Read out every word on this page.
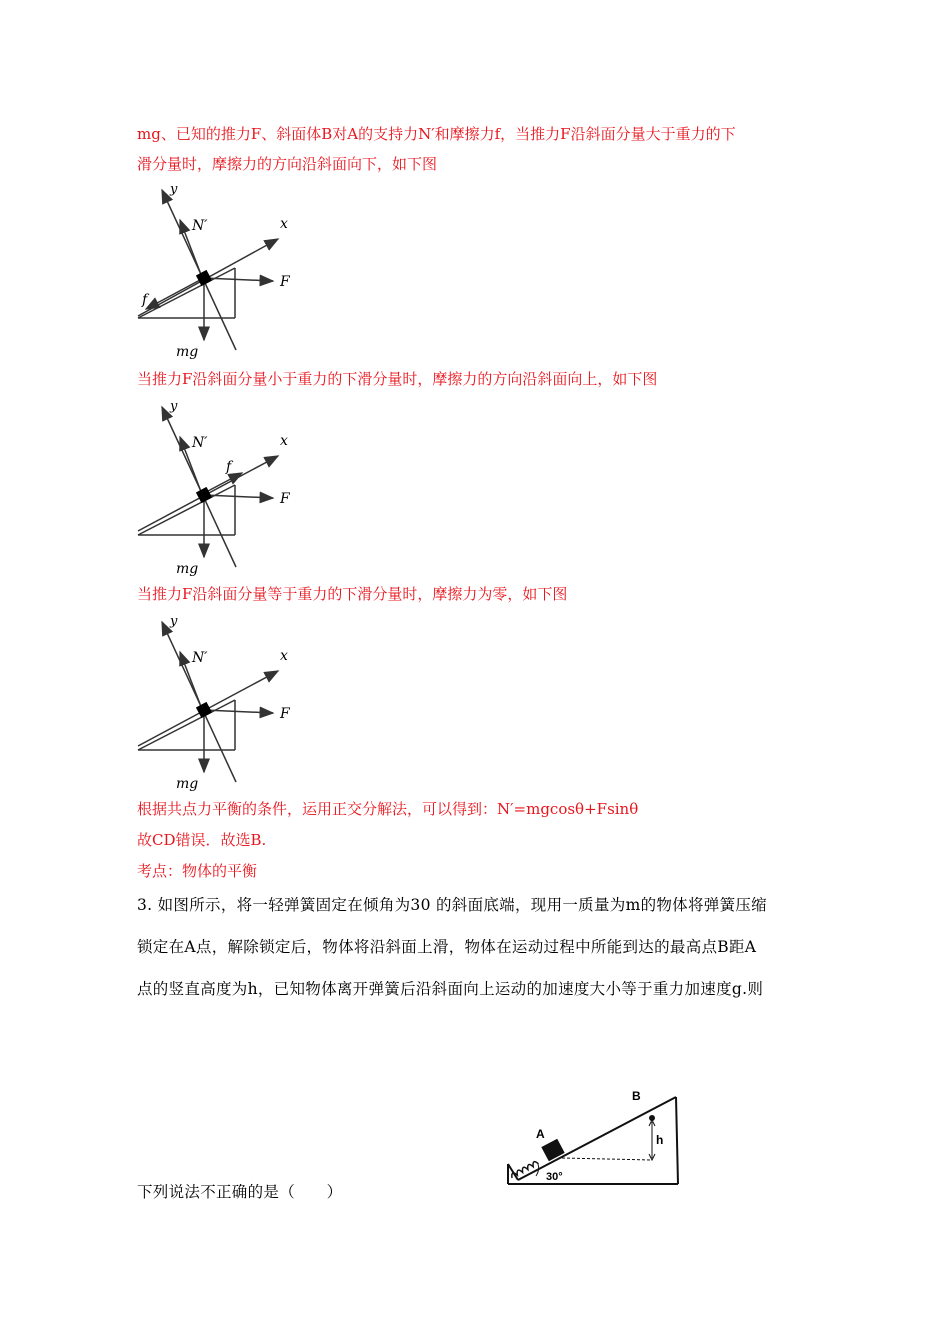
mg、已知的推力F、斜面体B对A的支持力N′和摩擦力f，当推力F沿斜面分量大于重力的下
滑分量时，摩擦力的方向沿斜面向下，如下图
y
x
N′
F
f
mg
当推力F沿斜面分量小于重力的下滑分量时，摩擦力的方向沿斜面向上，如下图
y
x
N′
F
f
mg
当推力F沿斜面分量等于重力的下滑分量时，摩擦力为零，如下图
y
x
N′
F
mg
根据共点力平衡的条件，运用正交分解法，可以得到：N′=mgcosθ+Fsinθ
故CD错误．故选B.
考点：物体的平衡
3. 如图所示，将一轻弹簧固定在倾角为30 的斜面底端，现用一质量为m的物体将弹簧压缩
锁定在A点，解除锁定后，物体将沿斜面上滑，物体在运动过程中所能到达的最高点B距A
点的竖直高度为h，已知物体离开弹簧后沿斜面向上运动的加速度大小等于重力加速度g.则
A
B
h
30°
下列说法不正确的是（　　）
